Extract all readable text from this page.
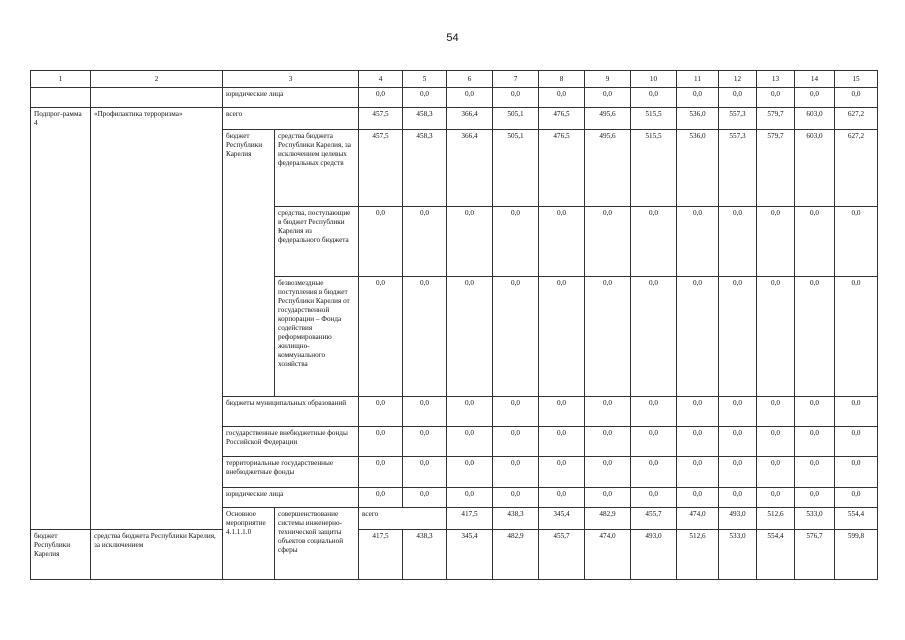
54
1	2	3		4	5	6	7	8	9	10	11	12	13	14	15	
		юридические лица		0,0	0,0	0,0	0,0	0,0	0,0	0,0	0,0	0,0	0,0	0,0	0,0	
Подпрог-рамма 4	«Профилактика терроризма»	всего		457,5	458,3	366,4	505,1	476,5	495,6	515,5	536,0	557,3	579,7	603,0	627,2	
		бюджет Республики Карелия	средства бюджета Республики Карелия, за исключением целевых федеральных средств	457,5	458,3	366,4	505,1	476,5	495,6	515,5	536,0	557,3	579,7	603,0	627,2	
			средства, поступающие в бюджет Республики Карелия из федерального бюджета	0,0	0,0	0,0	0,0	0,0	0,0	0,0	0,0	0,0	0,0	0,0	0,0	
			безвозмездные поступления в бюджет Республики Карелия от государственной корпорации – Фонда содействия реформированию жилищно-коммунального хозяйства	0,0	0,0	0,0	0,0	0,0	0,0	0,0	0,0	0,0	0,0	0,0	0,0	
		бюджеты муниципальных образований		0,0	0,0	0,0	0,0	0,0	0,0	0,0	0,0	0,0	0,0	0,0	0,0	
		государственные внебюджетные фонды Российской Федерации		0,0	0,0	0,0	0,0	0,0	0,0	0,0	0,0	0,0	0,0	0,0	0,0	
		территориальные государственные внебюджетные фонды		0,0	0,0	0,0	0,0	0,0	0,0	0,0	0,0	0,0	0,0	0,0	0,0	
		юридические лица		0,0	0,0	0,0	0,0	0,0	0,0	0,0	0,0	0,0	0,0	0,0	0,0	
		Основное мероприятие 4.1.1.1.0	совершенствование системы инженерно-технической защиты объектов социальной сферы	всего		417,5	438,3	345,4	482,9	455,7	474,0	493,0	512,6	533,0	554,4		
бюджет Республики Карелия	средства бюджета Республики Карелия, за исключением			417,5	438,3	345,4	482,9	455,7	474,0	493,0	512,6	533,0	554,4	576,7	599,8	
